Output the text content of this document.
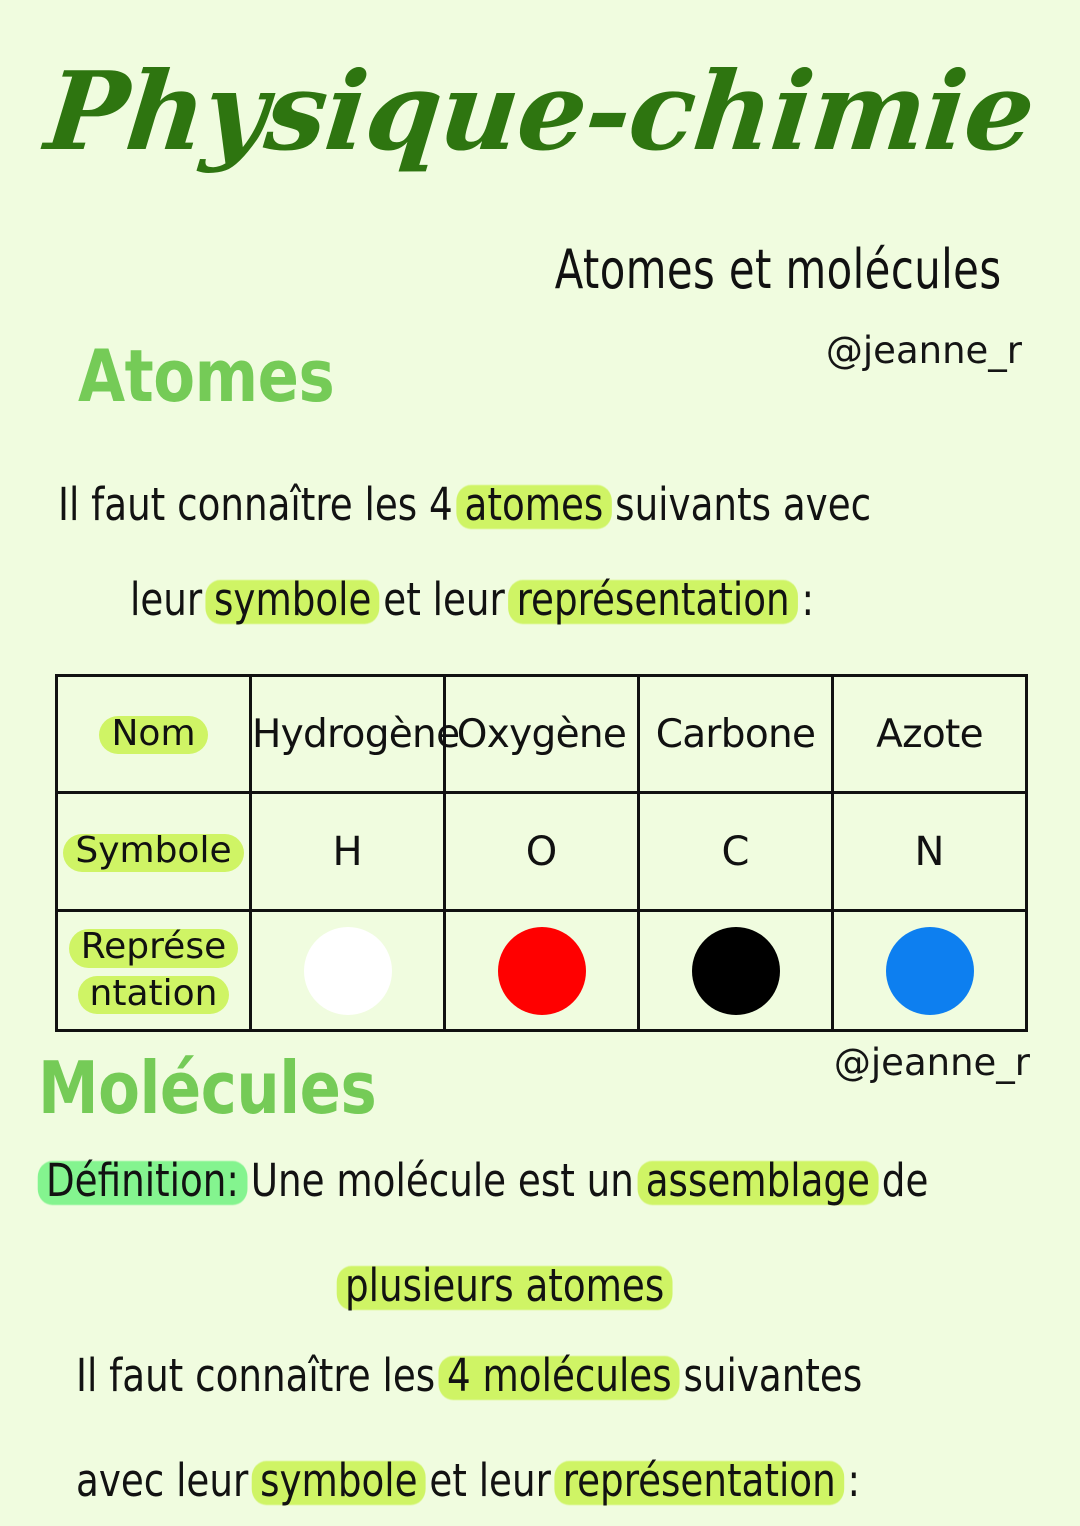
Physique-chimie
Atomes et molécules
@jeanne_r
Atomes
Il faut connaître les 4 atomes suivants avec
leur symbole et leur représentation :
Nom	Hydrogène	Oxygène	Carbone	Azote
Symbole	H	O	C	N

Représe
ntation				

@jeanne_r
Molécules
Définition: Une molécule est un assemblage de
plusieurs atomes
Il faut connaître les 4 molécules suivantes
avec leur symbole et leur représentation :
